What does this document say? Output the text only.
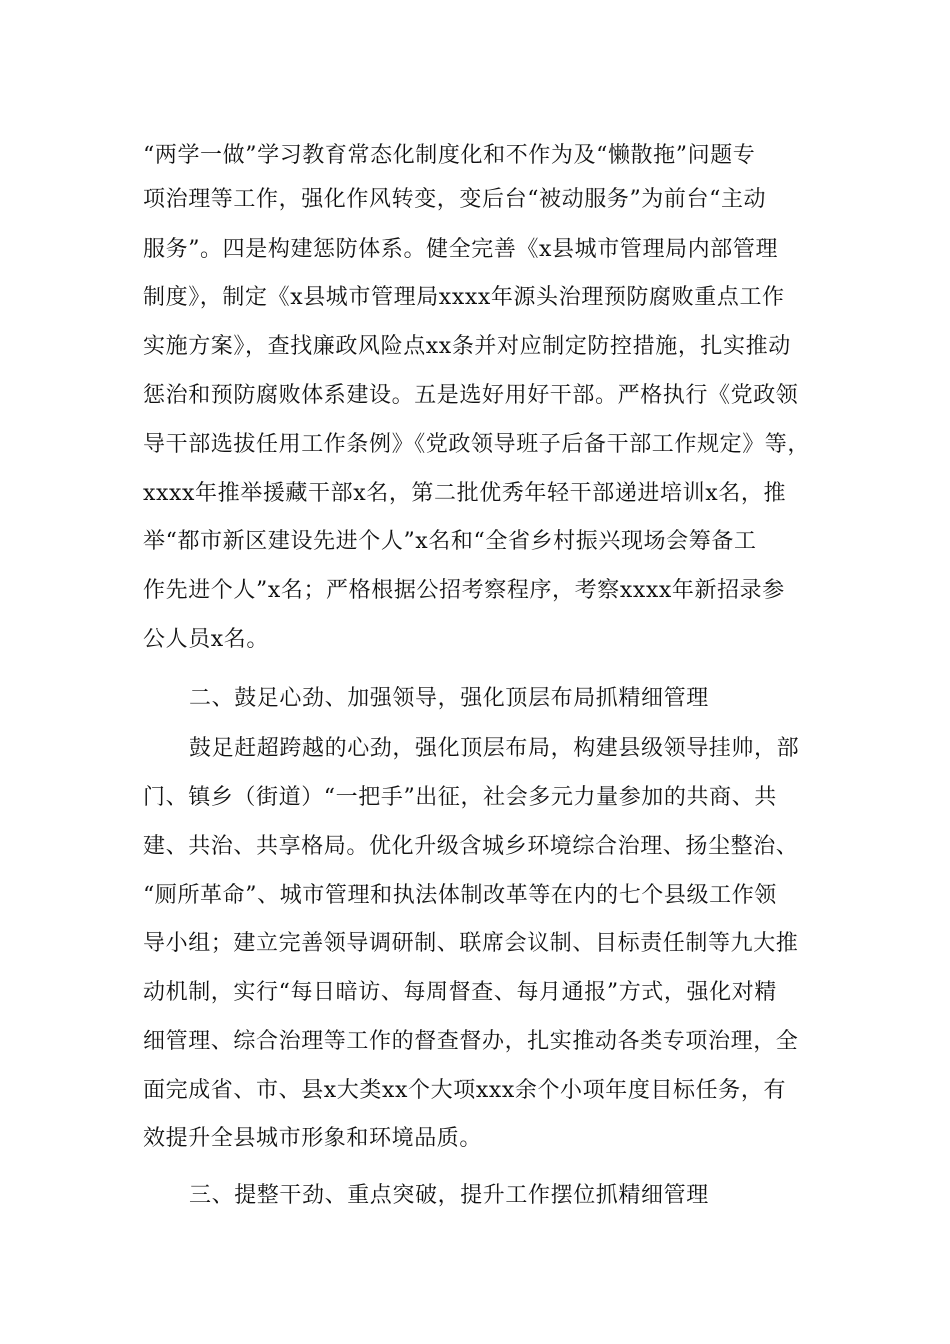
“两学一做”学习教育常态化制度化和不作为及“懒散拖”问题专
项治理等工作，强化作风转变，变后台“被动服务”为前台“主动
服务”。四是构建惩防体系。健全完善《x县城市管理局内部管理
制度》，制定《x县城市管理局xxxx年源头治理预防腐败重点工作
实施方案》，查找廉政风险点xx条并对应制定防控措施，扎实推动
惩治和预防腐败体系建设。五是选好用好干部。严格执行《党政领
导干部选拔任用工作条例》《党政领导班子后备干部工作规定》等，
xxxx年推举援藏干部x名，第二批优秀年轻干部递进培训x名，推
举“都市新区建设先进个人”x名和“全省乡村振兴现场会筹备工
作先进个人”x名；严格根据公招考察程序，考察xxxx年新招录参
公人员x名。
二、鼓足心劲、加强领导，强化顶层布局抓精细管理
鼓足赶超跨越的心劲，强化顶层布局，构建县级领导挂帅，部
门、镇乡（街道）“一把手”出征，社会多元力量参加的共商、共
建、共治、共享格局。优化升级含城乡环境综合治理、扬尘整治、
“厕所革命”、城市管理和执法体制改革等在内的七个县级工作领
导小组；建立完善领导调研制、联席会议制、目标责任制等九大推
动机制，实行“每日暗访、每周督查、每月通报”方式，强化对精
细管理、综合治理等工作的督查督办，扎实推动各类专项治理，全
面完成省、市、县x大类xx个大项xxx余个小项年度目标任务，有
效提升全县城市形象和环境品质。
三、提整干劲、重点突破，提升工作摆位抓精细管理
